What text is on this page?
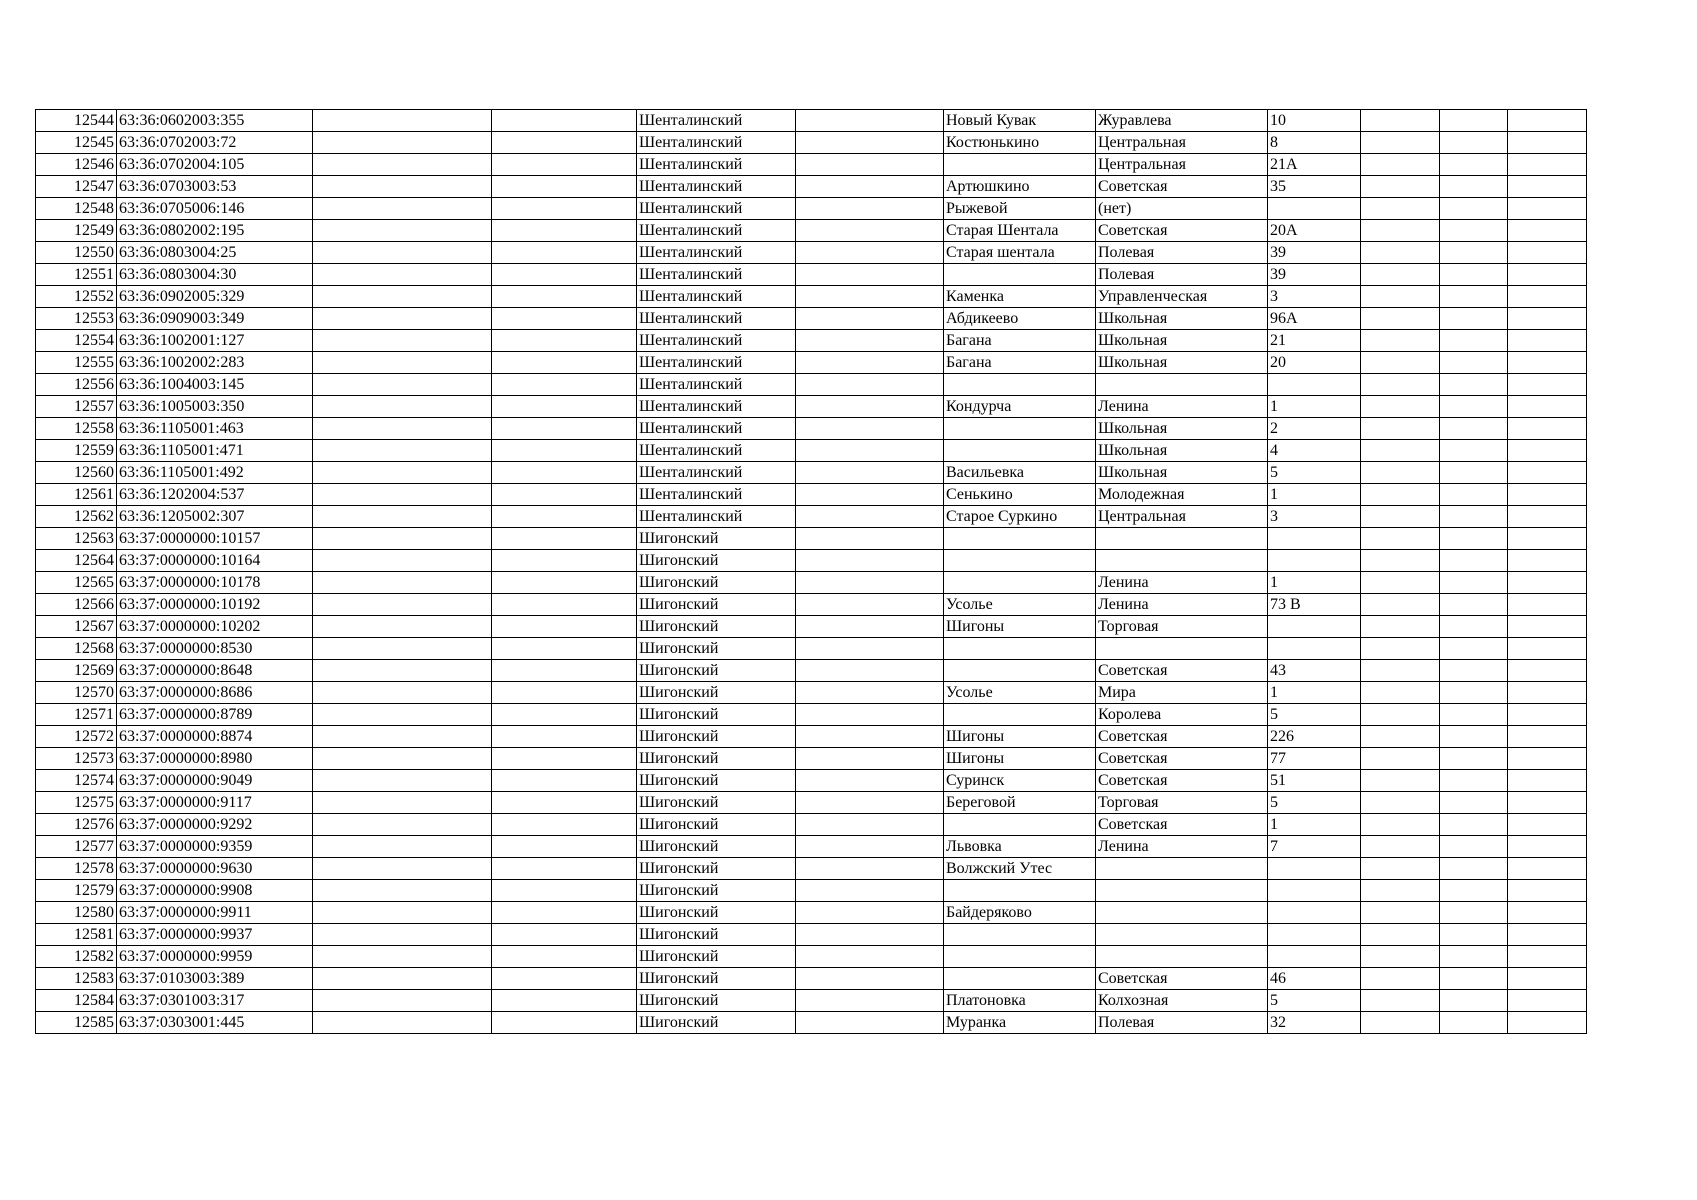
12544	63:36:0602003:355			Шенталинский		Новый Кувак	Журавлева	10			
12545	63:36:0702003:72			Шенталинский		Костюнькино	Центральная	8			
12546	63:36:0702004:105			Шенталинский			Центральная	21А			
12547	63:36:0703003:53			Шенталинский		Артюшкино	Советская	35			
12548	63:36:0705006:146			Шенталинский		Рыжевой	(нет)				
12549	63:36:0802002:195			Шенталинский		Старая Шентала	Советская	20А			
12550	63:36:0803004:25			Шенталинский		Старая шентала	Полевая	39			
12551	63:36:0803004:30			Шенталинский			Полевая	39			
12552	63:36:0902005:329			Шенталинский		Каменка	Управленческая	3			
12553	63:36:0909003:349			Шенталинский		Абдикеево	Школьная	96А			
12554	63:36:1002001:127			Шенталинский		Багана	Школьная	21			
12555	63:36:1002002:283			Шенталинский		Багана	Школьная	20			
12556	63:36:1004003:145			Шенталинский							
12557	63:36:1005003:350			Шенталинский		Кондурча	Ленина	1			
12558	63:36:1105001:463			Шенталинский			Школьная	2			
12559	63:36:1105001:471			Шенталинский			Школьная	4			
12560	63:36:1105001:492			Шенталинский		Васильевка	Школьная	5			
12561	63:36:1202004:537			Шенталинский		Сенькино	Молодежная	1			
12562	63:36:1205002:307			Шенталинский		Старое Суркино	Центральная	3			
12563	63:37:0000000:10157			Шигонский							
12564	63:37:0000000:10164			Шигонский							
12565	63:37:0000000:10178			Шигонский			Ленина	1			
12566	63:37:0000000:10192			Шигонский		Усолье	Ленина	73 В			
12567	63:37:0000000:10202			Шигонский		Шигоны	Торговая				
12568	63:37:0000000:8530			Шигонский							
12569	63:37:0000000:8648			Шигонский			Советская	43			
12570	63:37:0000000:8686			Шигонский		Усолье	Мира	1			
12571	63:37:0000000:8789			Шигонский			Королева	5			
12572	63:37:0000000:8874			Шигонский		Шигоны	Советская	226			
12573	63:37:0000000:8980			Шигонский		Шигоны	Советская	77			
12574	63:37:0000000:9049			Шигонский		Суринск	Советская	51			
12575	63:37:0000000:9117			Шигонский		Береговой	Торговая	5			
12576	63:37:0000000:9292			Шигонский			Советская	1			
12577	63:37:0000000:9359			Шигонский		Львовка	Ленина	7			
12578	63:37:0000000:9630			Шигонский		Волжский Утес					
12579	63:37:0000000:9908			Шигонский							
12580	63:37:0000000:9911			Шигонский		Байдеряково					
12581	63:37:0000000:9937			Шигонский							
12582	63:37:0000000:9959			Шигонский							
12583	63:37:0103003:389			Шигонский			Советская	46			
12584	63:37:0301003:317			Шигонский		Платоновка	Колхозная	5			
12585	63:37:0303001:445			Шигонский		Муранка	Полевая	32			
